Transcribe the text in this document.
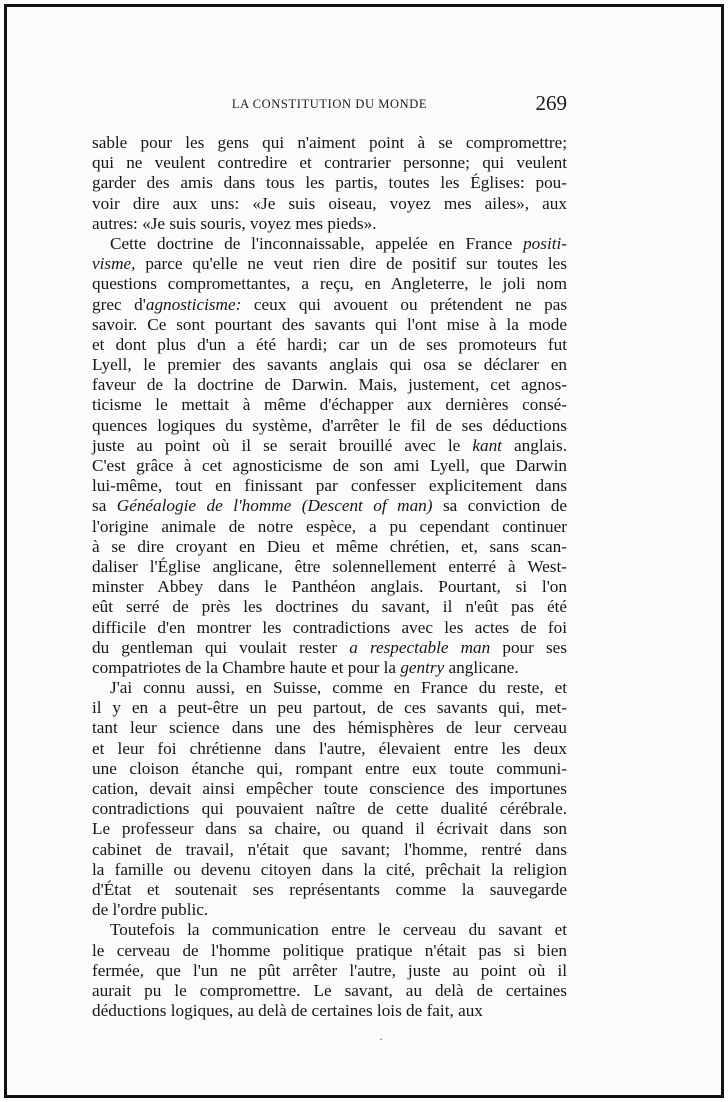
LA CONSTITUTION DU MONDE	269
sable pour les gens qui n'aiment point à se compromettre;
qui ne veulent contredire et contrarier personne; qui veulent
garder des amis dans tous les partis, toutes les Églises: pou-
voir dire aux uns: «Je suis oiseau, voyez mes ailes», aux
autres: «Je suis souris, voyez mes pieds».
Cette doctrine de l'inconnaissable, appelée en France positi-
visme, parce qu'elle ne veut rien dire de positif sur toutes les
questions compromettantes, a reçu, en Angleterre, le joli nom
grec d'agnosticisme: ceux qui avouent ou prétendent ne pas
savoir. Ce sont pourtant des savants qui l'ont mise à la mode
et dont plus d'un a été hardi; car un de ses promoteurs fut
Lyell, le premier des savants anglais qui osa se déclarer en
faveur de la doctrine de Darwin. Mais, justement, cet agnos-
ticisme le mettait à même d'échapper aux dernières consé-
quences logiques du système, d'arrêter le fil de ses déductions
juste au point où il se serait brouillé avec le kant anglais.
C'est grâce à cet agnosticisme de son ami Lyell, que Darwin
lui-même, tout en finissant par confesser explicitement dans
sa Généalogie de l'homme (Descent of man) sa conviction de
l'origine animale de notre espèce, a pu cependant continuer
à se dire croyant en Dieu et même chrétien, et, sans scan-
daliser l'Église anglicane, être solennellement enterré à West-
minster Abbey dans le Panthéon anglais. Pourtant, si l'on
eût serré de près les doctrines du savant, il n'eût pas été
difficile d'en montrer les contradictions avec les actes de foi
du gentleman qui voulait rester a respectable man pour ses
compatriotes de la Chambre haute et pour la gentry anglicane.
J'ai connu aussi, en Suisse, comme en France du reste, et
il y en a peut-être un peu partout, de ces savants qui, met-
tant leur science dans une des hémisphères de leur cerveau
et leur foi chrétienne dans l'autre, élevaient entre les deux
une cloison étanche qui, rompant entre eux toute communi-
cation, devait ainsi empêcher toute conscience des importunes
contradictions qui pouvaient naître de cette dualité cérébrale.
Le professeur dans sa chaire, ou quand il écrivait dans son
cabinet de travail, n'était que savant; l'homme, rentré dans
la famille ou devenu citoyen dans la cité, prêchait la religion
d'État et soutenait ses représentants comme la sauvegarde
de l'ordre public.
Toutefois la communication entre le cerveau du savant et
le cerveau de l'homme politique pratique n'était pas si bien
fermée, que l'un ne pût arrêter l'autre, juste au point où il
aurait pu le compromettre. Le savant, au delà de certaines
déductions logiques, au delà de certaines lois de fait, aux
·
